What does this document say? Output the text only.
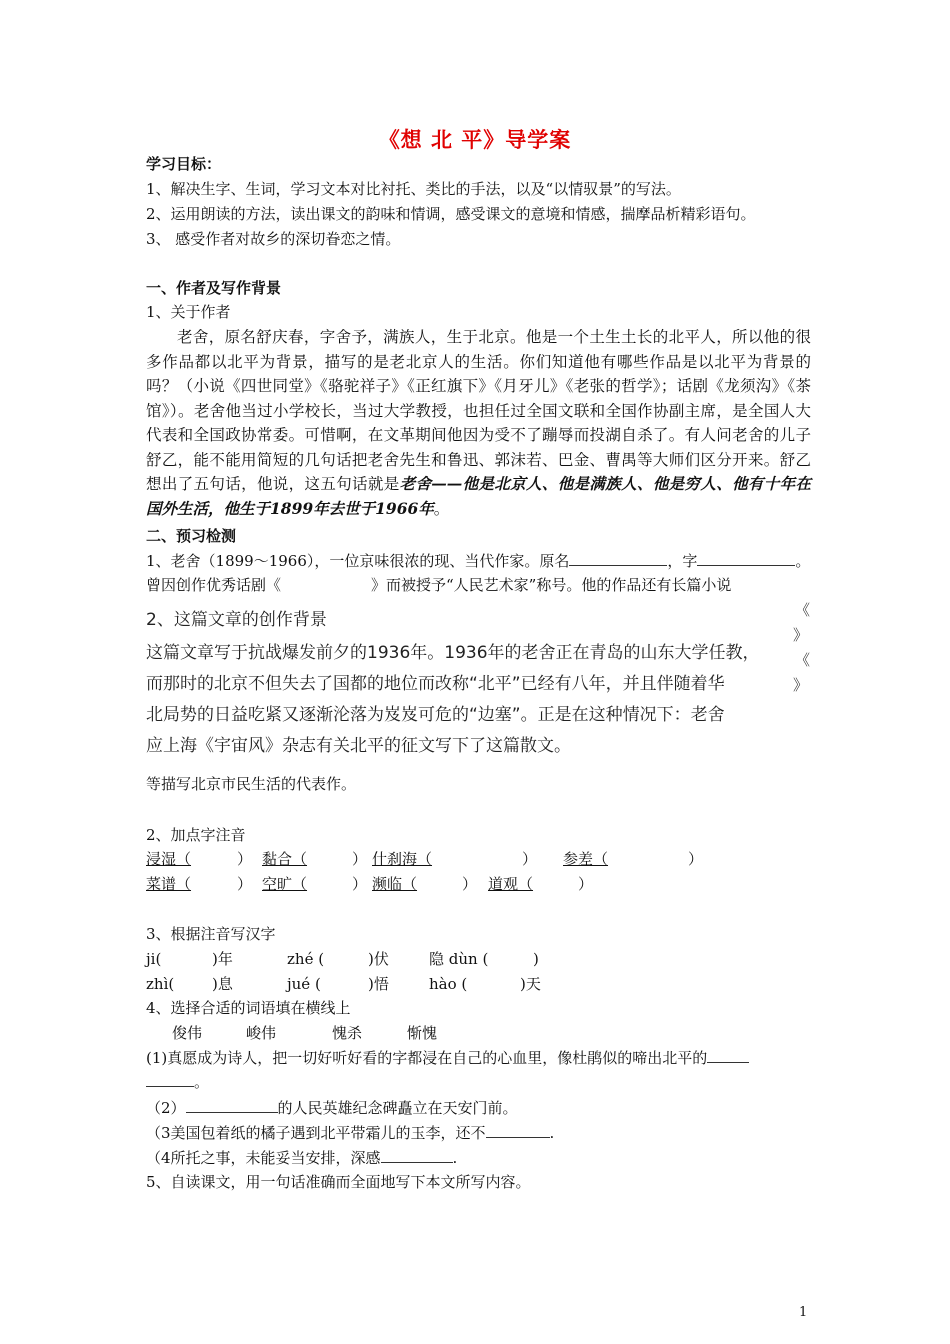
《想 北 平》导学案
学习目标：
1、解决生字、生词，学习文本对比衬托、类比的手法，以及“以情驭景”的写法。
2、运用朗读的方法，读出课文的韵味和情调，感受课文的意境和情感，揣摩品析精彩语句。
3、 感受作者对故乡的深切眷恋之情。
一、作者及写作背景
1、关于作者
老舍，原名舒庆春，字舍予，满族人，生于北京。他是一个土生土长的北平人，所以他的很多作品都以北平为背景，描写的是老北京人的生活。你们知道他有哪些作品是以北平为背景的吗？（小说《四世同堂》《骆驼祥子》《正红旗下》《月牙儿》《老张的哲学》；话剧《龙须沟》《茶馆》）。老舍他当过小学校长，当过大学教授，也担任过全国文联和全国作协副主席，是全国人大代表和全国政协常委。可惜啊，在文革期间他因为受不了蹦辱而投湖自杀了。有人问老舍的儿子舒乙，能不能用简短的几句话把老舍先生和鲁迅、郭沫若、巴金、曹禺等大师们区分开来。舒乙想出了五句话，他说，这五句话就是老舍——他是北京人、他是满族人、他是穷人、他有十年在国外生活，他生于1899年去世于1966年。
二、预习检测
1、老舍（1899～1966），一位京味很浓的现、当代作家。原名	，字	。
曾因创作优秀话剧《	》而被授予“人民艺术家”称号。他的作品还有长篇小说
《
》
《
》
2、这篇文章的创作背景
这篇文章写于抗战爆发前夕的1936年。1936年的老舍正在青岛的山东大学任教，
而那时的北京不但失去了国都的地位而改称“北平”已经有八年，并且伴随着华
北局势的日益吃紧又逐渐沦落为岌岌可危的“边塞”。正是在这种情况下：老舍
应上海《宇宙风》杂志有关北平的征文写下了这篇散文。
等描写北京市民生活的代表作。
2、加点字注音
浸湿（	） 黏合（	） 什刹海（	） 参差（	）
菜谱（	） 空旷（	） 濒临（	） 道观（	）
3、根据注音写汉字
ji(	)年	zhé (	)伏	隐 dùn (	)
zhì(	)息	jué (	)悟	hào (	)天
4、选择合适的词语填在横线上
俊伟	峻伟	愧杀	惭愧
(1)真愿成为诗人，把一切好听好看的字都浸在自己的心血里，像杜鹃似的啼出北平的
。
（2）	的人民英雄纪念碑矗立在天安门前。
（3美国包着纸的橘子遇到北平带霜儿的玉李，还不	.
（4所托之事，未能妥当安排，深感	.
5、自读课文，用一句话准确而全面地写下本文所写内容。
1
